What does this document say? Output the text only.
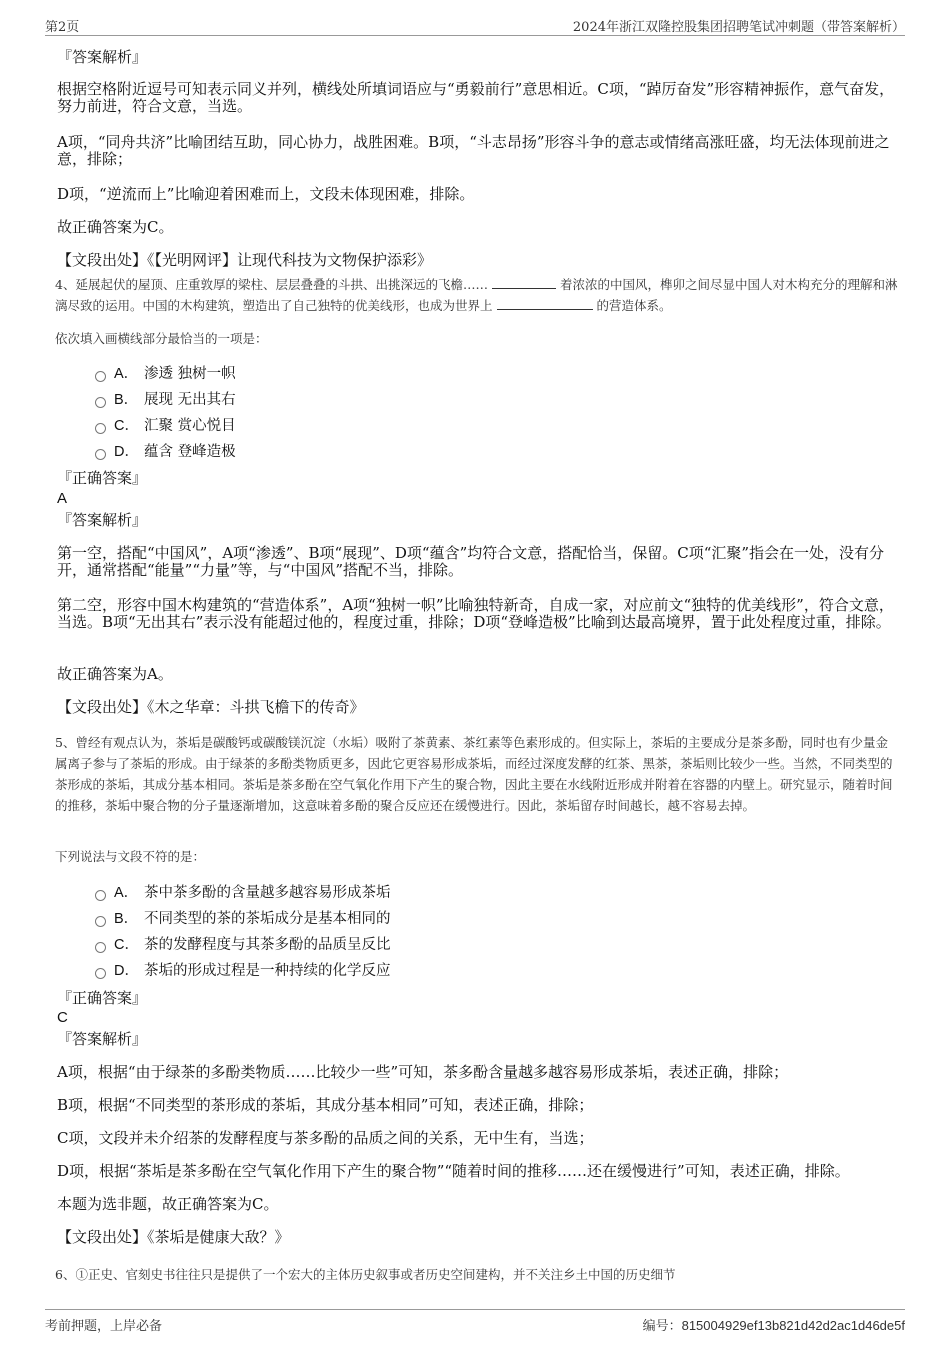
第2页	2024年浙江双隆控股集团招聘笔试冲刺题（带答案解析）
『答案解析』
根据空格附近逗号可知表示同义并列，横线处所填词语应与“勇毅前行”意思相近。C项，“踔厉奋发”形容精神振作，意气奋发，努力前进，符合文意，当选。
A项，“同舟共济”比喻团结互助，同心协力，战胜困难。B项，“斗志昂扬”形容斗争的意志或情绪高涨旺盛，均无法体现前进之意，排除；
D项，“逆流而上”比喻迎着困难而上，文段未体现困难，排除。
故正确答案为C。
【文段出处】《【光明网评】让现代科技为文物保护添彩》
4、延展起伏的屋顶、庄重敦厚的梁柱、层层叠叠的斗拱、出挑深远的飞檐……	着浓浓的中国风，榫卯之间尽显中国人对木构充分的理解和淋漓尽致的运用。中国的木构建筑，塑造出了自己独特的优美线形，也成为世界上	的营造体系。
依次填入画横线部分最恰当的一项是：
A． 渗透 独树一帜
B． 展现 无出其右
C． 汇聚 赏心悦目
D． 蕴含 登峰造极
『正确答案』
A
『答案解析』
第一空，搭配“中国风”，A项“渗透”、B项“展现”、D项“蕴含”均符合文意，搭配恰当，保留。C项“汇聚”指会在一处，没有分开，通常搭配“能量”“力量”等，与“中国风”搭配不当，排除。
第二空，形容中国木构建筑的“营造体系”，A项“独树一帜”比喻独特新奇，自成一家，对应前文“独特的优美线形”，符合文意，当选。B项“无出其右”表示没有能超过他的，程度过重，排除；D项“登峰造极”比喻到达最高境界，置于此处程度过重，排除。
故正确答案为A。
【文段出处】《木之华章：斗拱飞檐下的传奇》
5、曾经有观点认为，茶垢是碳酸钙或碳酸镁沉淀（水垢）吸附了茶黄素、茶红素等色素形成的。但实际上，茶垢的主要成分是茶多酚，同时也有少量金属离子参与了茶垢的形成。由于绿茶的多酚类物质更多，因此它更容易形成茶垢，而经过深度发酵的红茶、黑茶，茶垢则比较少一些。当然，不同类型的茶形成的茶垢，其成分基本相同。茶垢是茶多酚在空气氧化作用下产生的聚合物，因此主要在水线附近形成并附着在容器的内壁上。研究显示，随着时间的推移，茶垢中聚合物的分子量逐渐增加，这意味着多酚的聚合反应还在缓慢进行。因此，茶垢留存时间越长，越不容易去掉。
下列说法与文段不符的是：
A． 茶中茶多酚的含量越多越容易形成茶垢
B． 不同类型的茶的茶垢成分是基本相同的
C． 茶的发酵程度与其茶多酚的品质呈反比
D． 茶垢的形成过程是一种持续的化学反应
『正确答案』
C
『答案解析』
A项，根据“由于绿茶的多酚类物质……比较少一些”可知，茶多酚含量越多越容易形成茶垢，表述正确，排除；
B项，根据“不同类型的茶形成的茶垢，其成分基本相同”可知，表述正确，排除；
C项，文段并未介绍茶的发酵程度与茶多酚的品质之间的关系，无中生有，当选；
D项，根据“茶垢是茶多酚在空气氧化作用下产生的聚合物”“随着时间的推移……还在缓慢进行”可知，表述正确，排除。
本题为选非题，故正确答案为C。
【文段出处】《茶垢是健康大敌？》
6、①正史、官刻史书往往只是提供了一个宏大的主体历史叙事或者历史空间建构，并不关注乡土中国的历史细节
考前押题，上岸必备	编号：815004929ef13b821d42d2ac1d46de5f
